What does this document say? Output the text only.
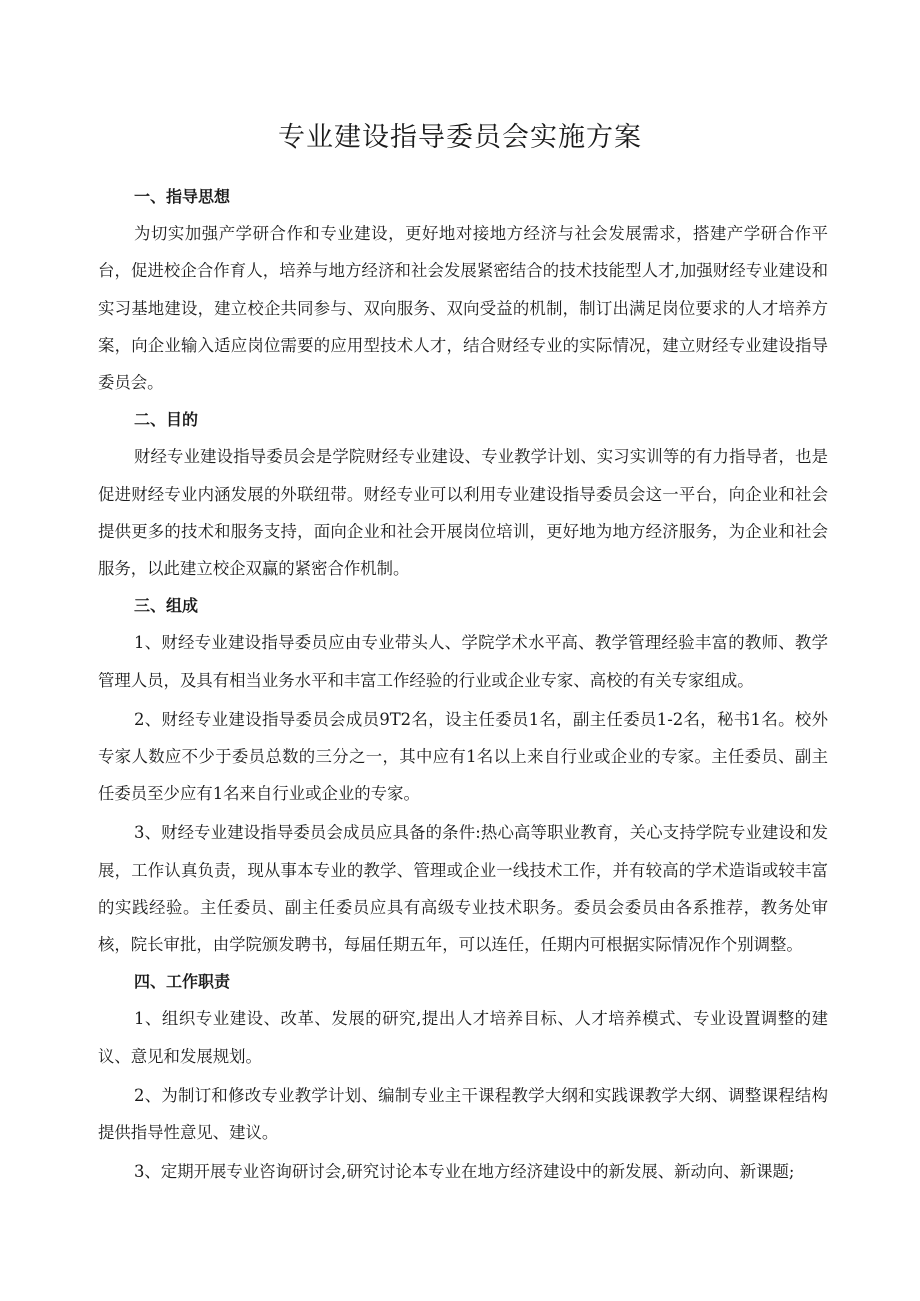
专业建设指导委员会实施方案

一、指导思想

为切实加强产学研合作和专业建设，更好地对接地方经济与社会发展需求，搭建产学研合作平台，促进校企合作育人，培养与地方经济和社会发展紧密结合的技术技能型人才,加强财经专业建设和实习基地建设，建立校企共同参与、双向服务、双向受益的机制，制订出满足岗位要求的人才培养方案，向企业输入适应岗位需要的应用型技术人才，结合财经专业的实际情况，建立财经专业建设指导委员会。

二、目的

财经专业建设指导委员会是学院财经专业建设、专业教学计划、实习实训等的有力指导者，也是促进财经专业内涵发展的外联纽带。财经专业可以利用专业建设指导委员会这一平台，向企业和社会提供更多的技术和服务支持，面向企业和社会开展岗位培训，更好地为地方经济服务，为企业和社会服务，以此建立校企双赢的紧密合作机制。

三、组成

1、财经专业建设指导委员应由专业带头人、学院学术水平高、教学管理经验丰富的教师、教学管理人员，及具有相当业务水平和丰富工作经验的行业或企业专家、高校的有关专家组成。

2、财经专业建设指导委员会成员9T2名，设主任委员1名，副主任委员1-2名，秘书1名。校外专家人数应不少于委员总数的三分之一，其中应有1名以上来自行业或企业的专家。主任委员、副主任委员至少应有1名来自行业或企业的专家。

3、财经专业建设指导委员会成员应具备的条件:热心高等职业教育，关心支持学院专业建设和发展，工作认真负责，现从事本专业的教学、管理或企业一线技术工作，并有较高的学术造诣或较丰富的实践经验。主任委员、副主任委员应具有高级专业技术职务。委员会委员由各系推荐，教务处审核，院长审批，由学院颁发聘书，每届任期五年，可以连任，任期内可根据实际情况作个别调整。

四、工作职责

1、组织专业建设、改革、发展的研究,提出人才培养目标、人才培养模式、专业设置调整的建议、意见和发展规划。

2、为制订和修改专业教学计划、编制专业主干课程教学大纲和实践课教学大纲、调整课程结构提供指导性意见、建议。

3、定期开展专业咨询研讨会,研究讨论本专业在地方经济建设中的新发展、新动向、新课题;
